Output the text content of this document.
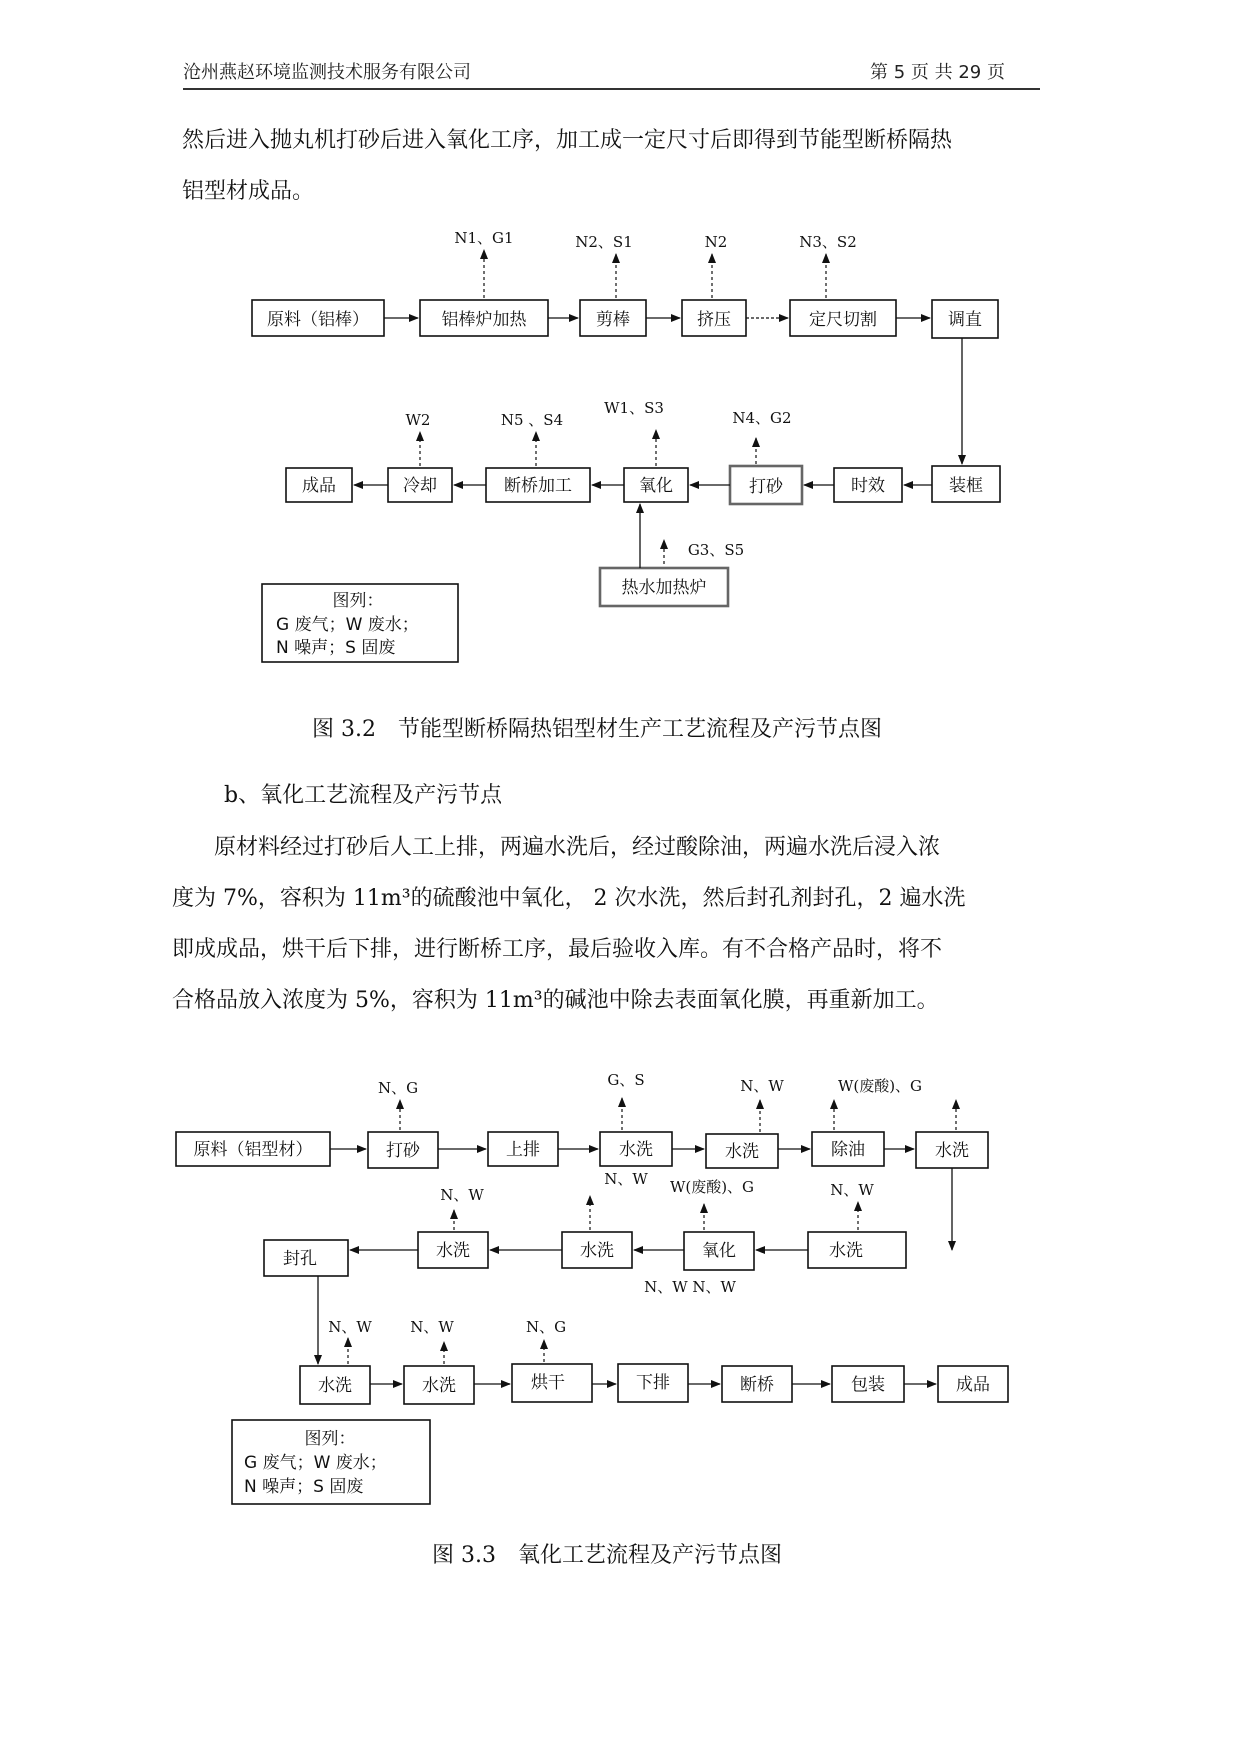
沧州燕赵环境监测技术服务有限公司	第 5 页 共 29 页

然后进入抛丸机打砂后进入氧化工序，加工成一定尺寸后即得到节能型断桥隔热

铝型材成品。

原料（铝棒）	铝棒炉加热	剪棒	挤压	定尺切割	调直
装框
时效
打砂
氧化
断桥加工
冷却
成品
热水加热炉
N1、G1	N2、S1	N2	N3、S2
W2	N5 、S4
W1、S3
N4、G2
G3、S5
图列：
G 废气；W 废水；
N 噪声；S 固废
图 3.2　节能型断桥隔热铝型材生产工艺流程及产污节点图

b、氧化工艺流程及产污节点

原材料经过打砂后人工上排，两遍水洗后，经过酸除油，两遍水洗后浸入浓

度为 7%，容积为 11m³的硫酸池中氧化， 2 次水洗，然后封孔剂封孔，2 遍水洗

即成成品，烘干后下排，进行断桥工序，最后验收入库。有不合格产品时，将不

合格品放入浓度为 5%，容积为 11m³的碱池中除去表面氧化膜，再重新加工。

原料（铝型材）	打砂	上排	水洗	水洗	除油	水洗
水洗
氧化
水洗
水洗
封孔
水洗	水洗	烘干	下排	断桥	包装	成品
N、G	G、S	N、W	W(废酸)、G
N、W
W(废酸)、G
N、W
N、W
N、W N、W
N、W	N、W	N、G
图列：
G 废气；W 废水；
N 噪声；S 固废
图 3.3　氧化工艺流程及产污节点图
